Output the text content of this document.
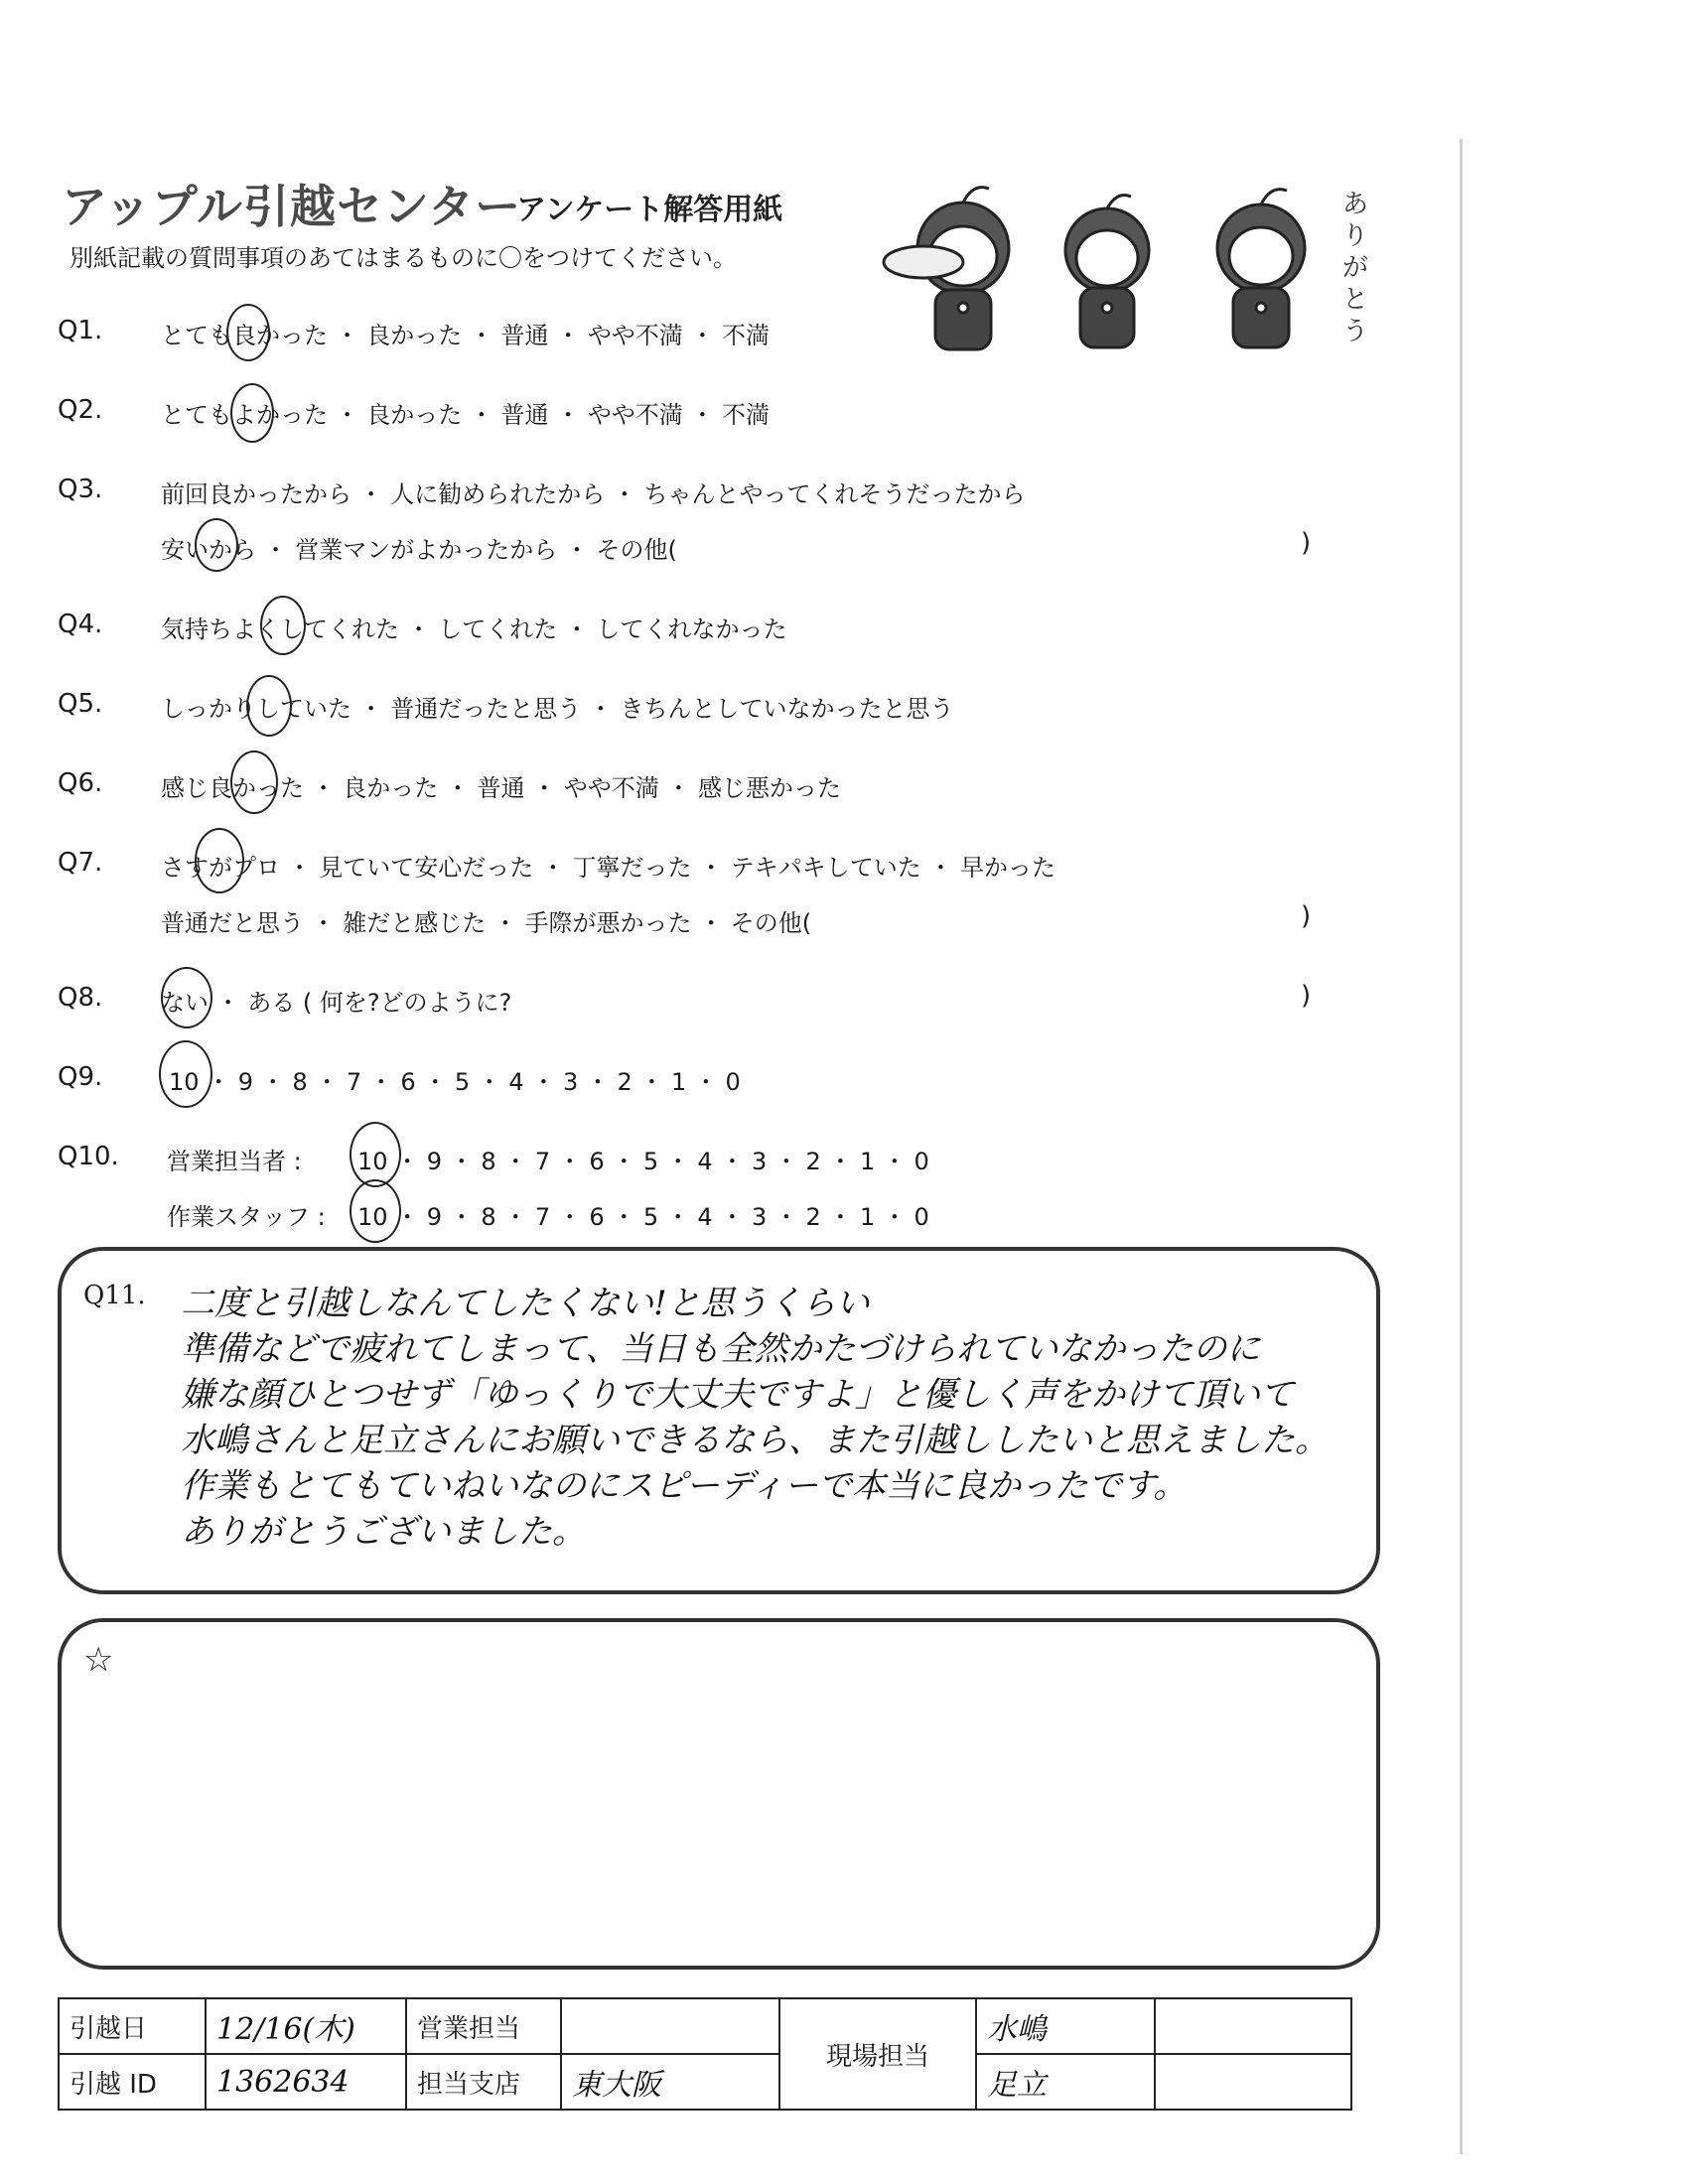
アップル引越センター
アンケート解答用紙
別紙記載の質問事項のあてはまるものに〇をつけてください。
ありがとう
Q1. とても良かった ・ 良かった ・ 普通 ・ やや不満 ・ 不満
Q2. とてもよかった ・ 良かった ・ 普通 ・ やや不満 ・ 不満
Q3. 前回良かったから ・ 人に勧められたから ・ ちゃんとやってくれそうだったから
安いから ・ 営業マンがよかったから ・ その他(	)
Q4. 気持ちよくしてくれた ・ してくれた ・ してくれなかった
Q5. しっかりしていた ・ 普通だったと思う ・ きちんとしていなかったと思う
Q6. 感じ良かった ・ 良かった ・ 普通 ・ やや不満 ・ 感じ悪かった
Q7. さすがプロ ・ 見ていて安心だった ・ 丁寧だった ・ テキパキしていた ・ 早かった
普通だと思う ・ 雑だと感じた ・ 手際が悪かった ・ その他(	)
Q8. ない ・ ある ( 何を?どのように?	)
Q9.	10 ・ 9 ・ 8 ・ 7 ・ 6 ・ 5 ・ 4 ・ 3 ・ 2 ・ 1 ・ 0
Q10. 営業担当者 : 10 ・ 9 ・ 8 ・ 7 ・ 6 ・ 5 ・ 4 ・ 3 ・ 2 ・ 1 ・ 0
作業スタッフ : 10 ・ 9 ・ 8 ・ 7 ・ 6 ・ 5 ・ 4 ・ 3 ・ 2 ・ 1 ・ 0
Q11. 二度と引越しなんてしたくない!と思うくらい
準備などで疲れてしまって、当日も全然かたづけられていなかったのに
嫌な顔ひとつせず「ゆっくりで大丈夫ですよ」と優しく声をかけて頂いて
水嶋さんと足立さんにお願いできるなら、また引越ししたいと思えました。
作業もとてもていねいなのにスピーディーで本当に良かったです。
ありがとうございました。
☆
引越日	12/16(木)	営業担当		現場担当	水嶋	
引越 ID	1362634	担当支店	東大阪		足立	
